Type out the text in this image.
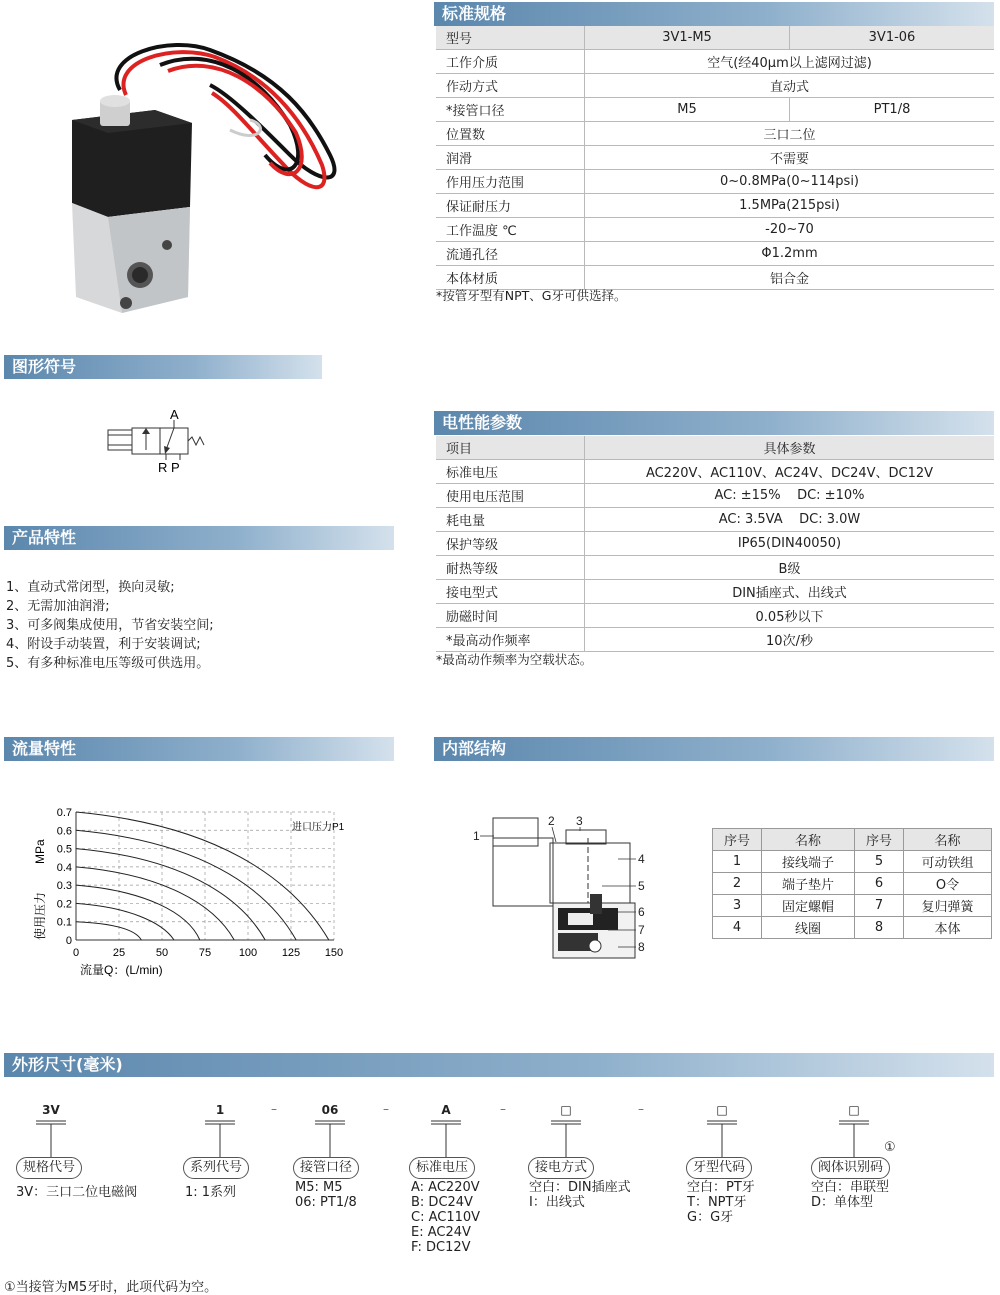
标准规格
型号	3V1-M5	3V1-06
工作介质	空气(经40μm以上滤网过滤)	
作动方式	直动式	
*接管口径	M5	PT1/8
位置数	三口二位	
润滑	不需要	
作用压力范围	0~0.8MPa(0~114psi)	
保证耐压力	1.5MPa(215psi)	
工作温度 ℃	-20~70	
流通孔径	Φ1.2mm	
本体材质	铝合金	
*按管牙型有NPT、G牙可供选择。
图形符号
A
R P
产品特性
1、直动式常闭型，换向灵敏;
2、无需加油润滑;
3、可多阀集成使用，节省安装空间;
4、附设手动装置，利于安装调试;
5、有多种标准电压等级可供选用。
电性能参数
项目	具体参数
标准电压	AC220V、AC110V、AC24V、DC24V、DC12V
使用电压范围	AC: ±15%    DC: ±10%
耗电量	AC: 3.5VA    DC: 3.0W
保护等级	IP65(DIN40050)
耐热等级	B级
接电型式	DIN插座式、出线式
励磁时间	0.05秒以下
*最高动作频率	10次/秒
*最高动作频率为空载状态。
流量特性
0
0.1
0.2
0.3
0.4
0.5
0.6
0.7
0	25	50	75	100 125 150
进口压力P1
流量Q：(L/min)
使用压力
MPa
内部结构
1
2 3
4
5
6
7
8
序号	名称	序号	名称
1	接线端子	5	可动铁组
2	端子垫片	6	O令
3	固定螺帽	7	复归弹簧
4	线圈	8	本体
外形尺寸(毫米)
3V	1	06	A	□	□	□
–	–	–	–
①
规格代号	系列代号	接管口径	标准电压	接电方式	牙型代码	阀体识别码
3V：三口二位电磁阀	1: 1系列	M5: M5
06: PT1/8
A: AC220V
B: DC24V
C: AC110V
E: AC24V
F: DC12V
空白：DIN插座式
I：出线式
空白：PT牙
T：NPT牙
G：G牙
空白：串联型
D：单体型
①当接管为M5牙时，此项代码为空。
